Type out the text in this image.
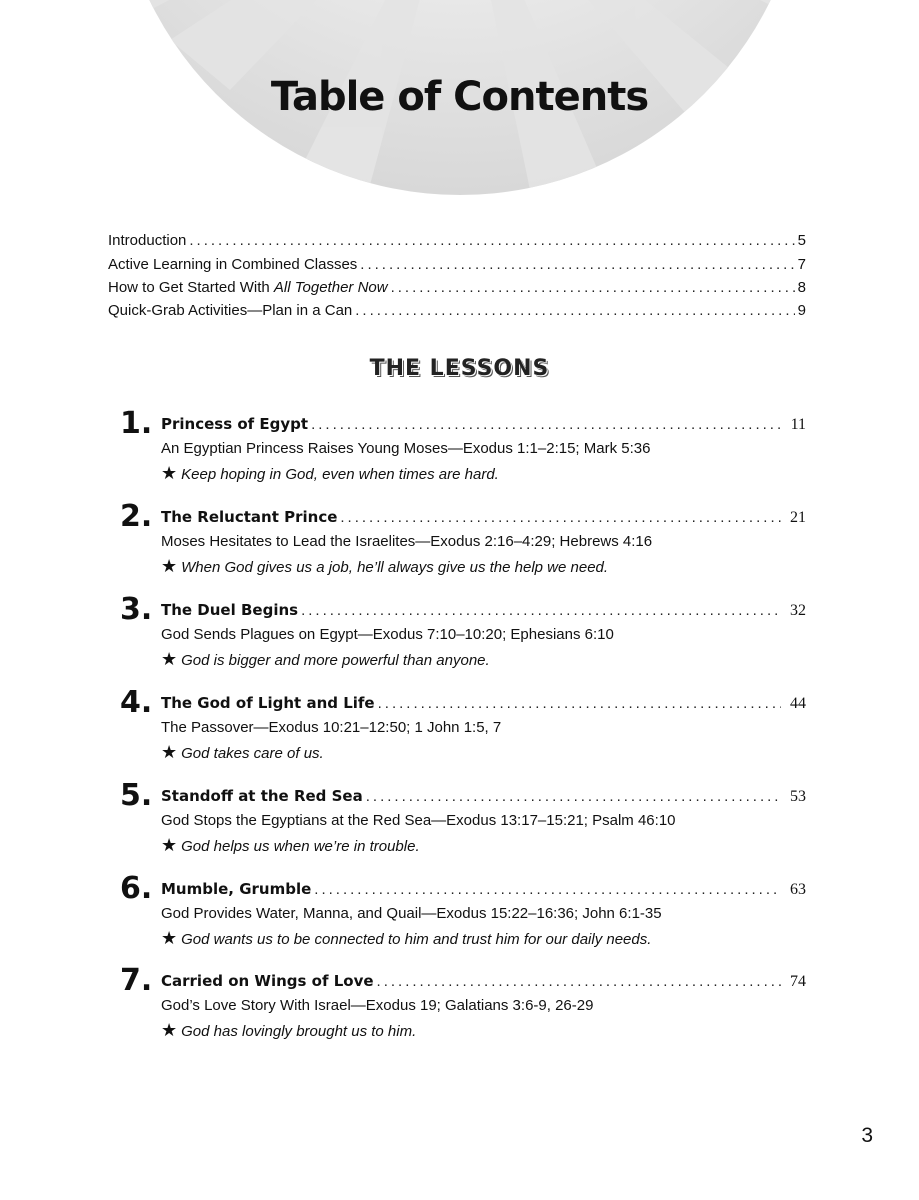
Table of Contents
Introduction .....	5
Active Learning in Combined Classes .....	7
How to Get Started With All Together Now .....	8
Quick-Grab Activities—Plan in a Can .....	9
THE LESSONS
1. Princess of Egypt .....	11
An Egyptian Princess Raises Young Moses—Exodus 1:1–2:15; Mark 5:36
★ Keep hoping in God, even when times are hard.
2. The Reluctant Prince .....	21
Moses Hesitates to Lead the Israelites—Exodus 2:16–4:29; Hebrews 4:16
★ When God gives us a job, he’ll always give us the help we need.
3. The Duel Begins .....	32
God Sends Plagues on Egypt—Exodus 7:10–10:20; Ephesians 6:10
★ God is bigger and more powerful than anyone.
4. The God of Light and Life .....	44
The Passover—Exodus 10:21–12:50; 1 John 1:5, 7
★ God takes care of us.
5. Standoff at the Red Sea .....	53
God Stops the Egyptians at the Red Sea—Exodus 13:17–15:21; Psalm 46:10
★ God helps us when we’re in trouble.
6. Mumble, Grumble .....	63
God Provides Water, Manna, and Quail—Exodus 15:22–16:36; John 6:1-35
★ God wants us to be connected to him and trust him for our daily needs.
7. Carried on Wings of Love .....	74
God’s Love Story With Israel—Exodus 19; Galatians 3:6-9, 26-29
★ God has lovingly brought us to him.
3
